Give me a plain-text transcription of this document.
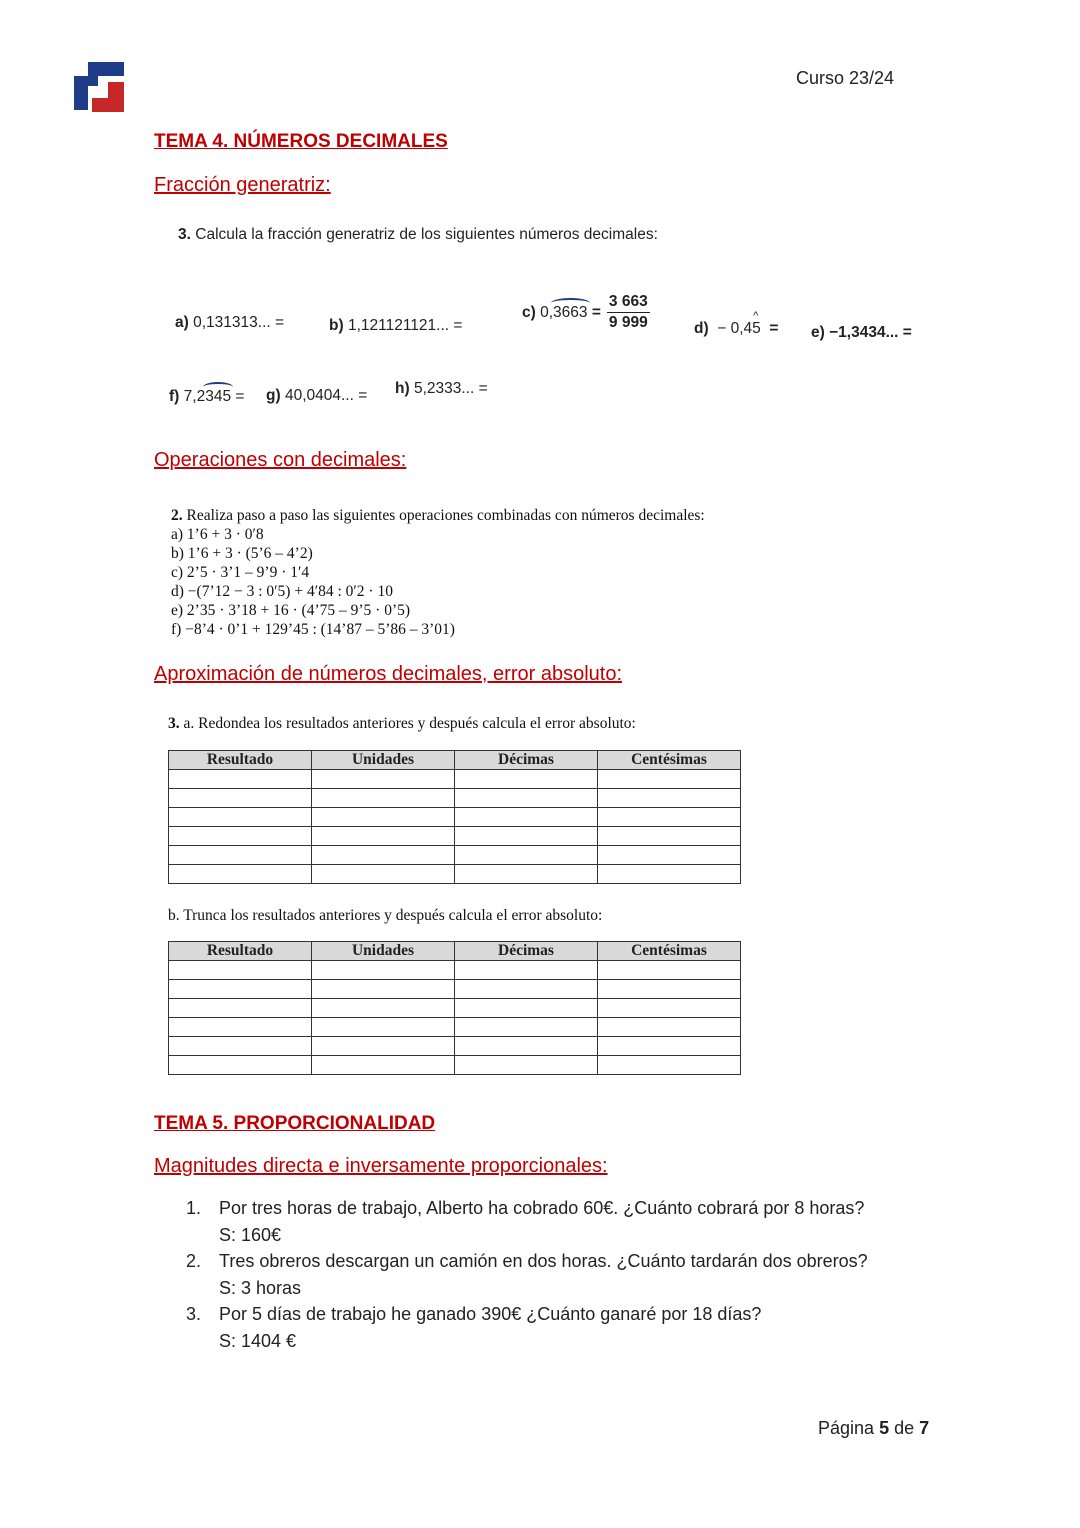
Curso 23/24
TEMA 4. NÚMEROS DECIMALES
Fracción generatriz:
3. Calcula la fracción generatriz de los siguientes números decimales:
a) 0,131313... =	b) 1,121121121... =
c)
0, 3663
= $\frac{3 663}{9 999}$	d) − 0,4^ 5 = e) −1,3434... =
f) 7,2345 = g) 40,0404... = h) 5,2333... =
Operaciones con decimales:
2. Realiza paso a paso las siguientes operaciones combinadas con números decimales:
a) 1’6 + 3 · 0′8
b) 1’6 + 3 · (5’6 – 4’2)
c) 2’5 · 3’1 – 9’9 · 1′4
d) −(7’12 − 3 : 0′5) + 4′84 : 0′2 · 10
e) 2’35 · 3’18 + 16 · (4’75 – 9’5 · 0’5)
f) −8’4 · 0’1 + 129’45 : (14’87 – 5’86 – 3’01)
Aproximación de números decimales, error absoluto:
3. a. Redondea los resultados anteriores y después calcula el error absoluto:
Resultado	Unidades	Décimas	Centésimas

b. Trunca los resultados anteriores y después calcula el error absoluto:
Resultado	Unidades	Décimas	Centésimas

TEMA 5. PROPORCIONALIDAD
Magnitudes directa e inversamente proporcionales:
1. Por tres horas de trabajo, Alberto ha cobrado 60€. ¿Cuánto cobrará por 8 horas?
S: 160€
2. Tres obreros descargan un camión en dos horas. ¿Cuánto tardarán dos obreros?
S: 3 horas
3. Por 5 días de trabajo he ganado 390€ ¿Cuánto ganaré por 18 días?
S: 1404 €
Página 5 de 7
